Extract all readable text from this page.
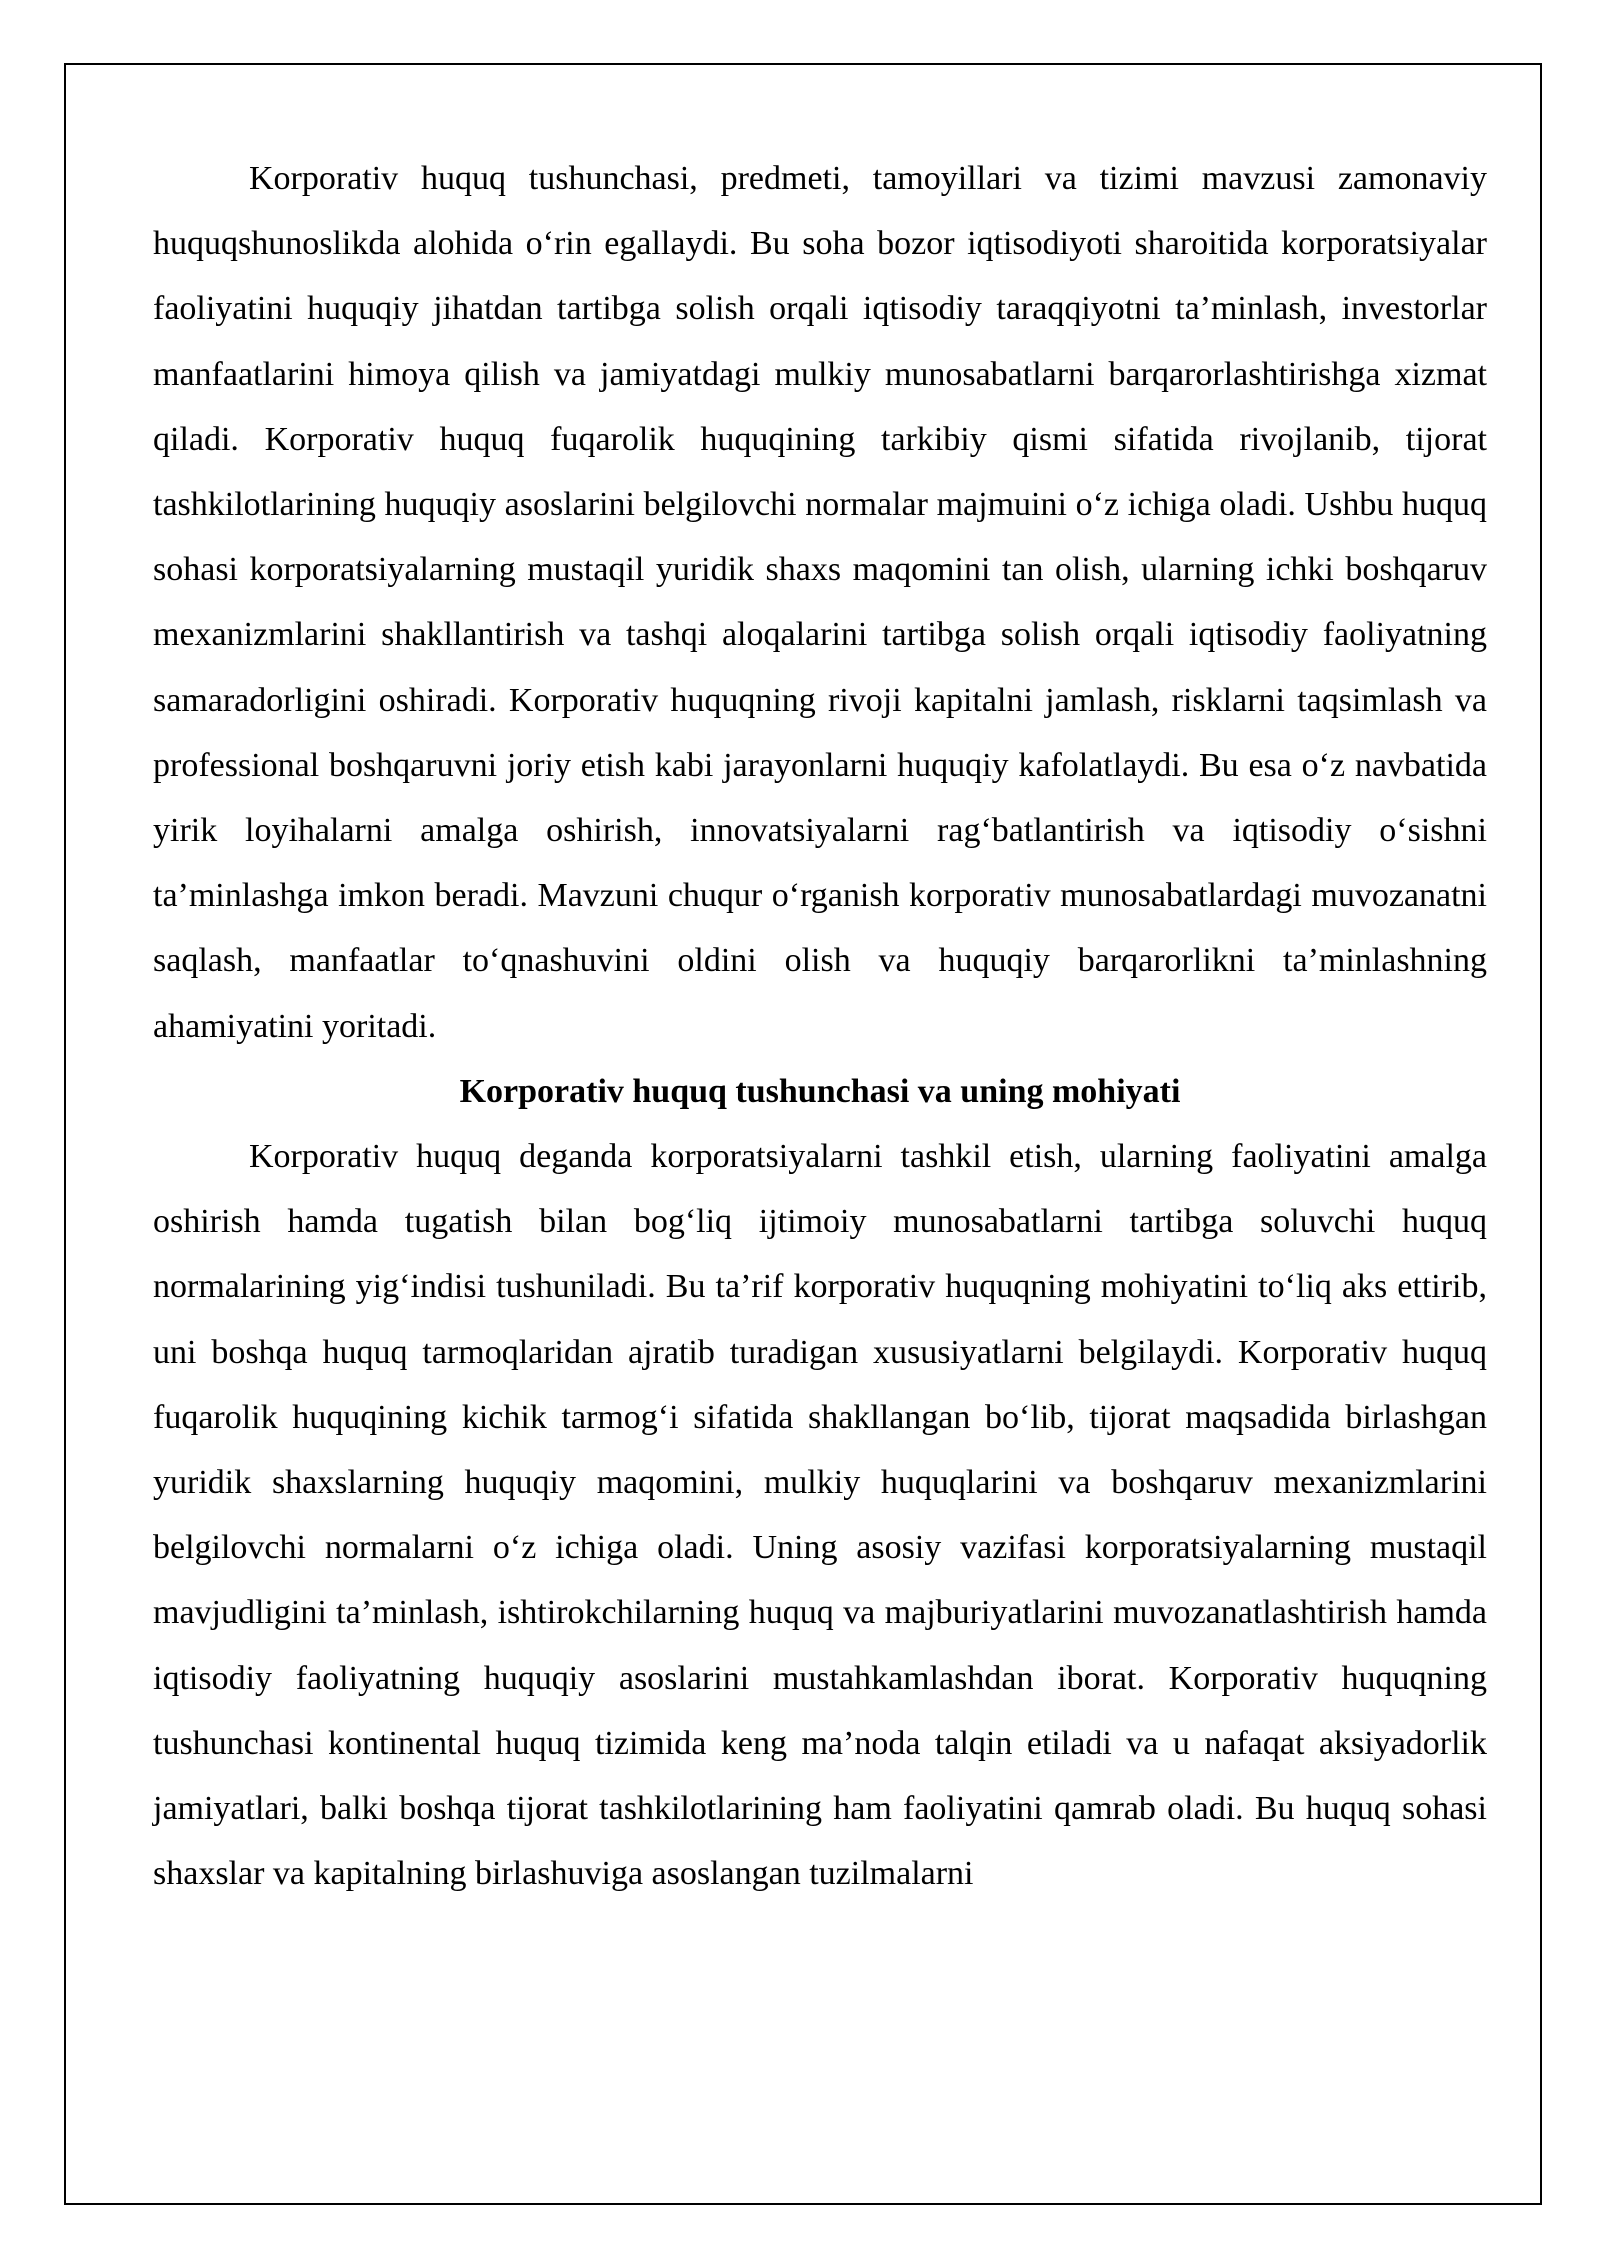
Korporativ huquq tushunchasi, predmeti, tamoyillari va tizimi mavzusi zamonaviy huquqshunoslikda alohida o‘rin egallaydi. Bu soha bozor iqtisodiyoti sharoitida korporatsiyalar faoliyatini huquqiy jihatdan tartibga solish orqali iqtisodiy taraqqiyotni ta’minlash, investorlar manfaatlarini himoya qilish va jamiyatdagi mulkiy munosabatlarni barqarorlashtirishga xizmat qiladi. Korporativ huquq fuqarolik huquqining tarkibiy qismi sifatida rivojlanib, tijorat tashkilotlarining huquqiy asoslarini belgilovchi normalar majmuini o‘z ichiga oladi. Ushbu huquq sohasi korporatsiyalarning mustaqil yuridik shaxs maqomini tan olish, ularning ichki boshqaruv mexanizmlarini shakllantirish va tashqi aloqalarini tartibga solish orqali iqtisodiy faoliyatning samaradorligini oshiradi. Korporativ huquqning rivoji kapitalni jamlash, risklarni taqsimlash va professional boshqaruvni joriy etish kabi jarayonlarni huquqiy kafolatlaydi. Bu esa o‘z navbatida yirik loyihalarni amalga oshirish, innovatsiyalarni rag‘batlantirish va iqtisodiy o‘sishni ta’minlashga imkon beradi. Mavzuni chuqur o‘rganish korporativ munosabatlardagi muvozanatni saqlash, manfaatlar to‘qnashuvini oldini olish va huquqiy barqarorlikni ta’minlashning ahamiyatini yoritadi.

Korporativ huquq tushunchasi va uning mohiyati

Korporativ huquq deganda korporatsiyalarni tashkil etish, ularning faoliyatini amalga oshirish hamda tugatish bilan bog‘liq ijtimoiy munosabatlarni tartibga soluvchi huquq normalarining yig‘indisi tushuniladi. Bu ta’rif korporativ huquqning mohiyatini to‘liq aks ettirib, uni boshqa huquq tarmoqlaridan ajratib turadigan xususiyatlarni belgilaydi. Korporativ huquq fuqarolik huquqining kichik tarmog‘i sifatida shakllangan bo‘lib, tijorat maqsadida birlashgan yuridik shaxslarning huquqiy maqomini, mulkiy huquqlarini va boshqaruv mexanizmlarini belgilovchi normalarni o‘z ichiga oladi. Uning asosiy vazifasi korporatsiyalarning mustaqil mavjudligini ta’minlash, ishtirokchilarning huquq va majburiyatlarini muvozanatlashtirish hamda iqtisodiy faoliyatning huquqiy asoslarini mustahkamlashdan iborat. Korporativ huquqning tushunchasi kontinental huquq tizimida keng ma’noda talqin etiladi va u nafaqat aksiyadorlik jamiyatlari, balki boshqa tijorat tashkilotlarining ham faoliyatini qamrab oladi. Bu huquq sohasi shaxslar va kapitalning birlashuviga asoslangan tuzilmalarni
